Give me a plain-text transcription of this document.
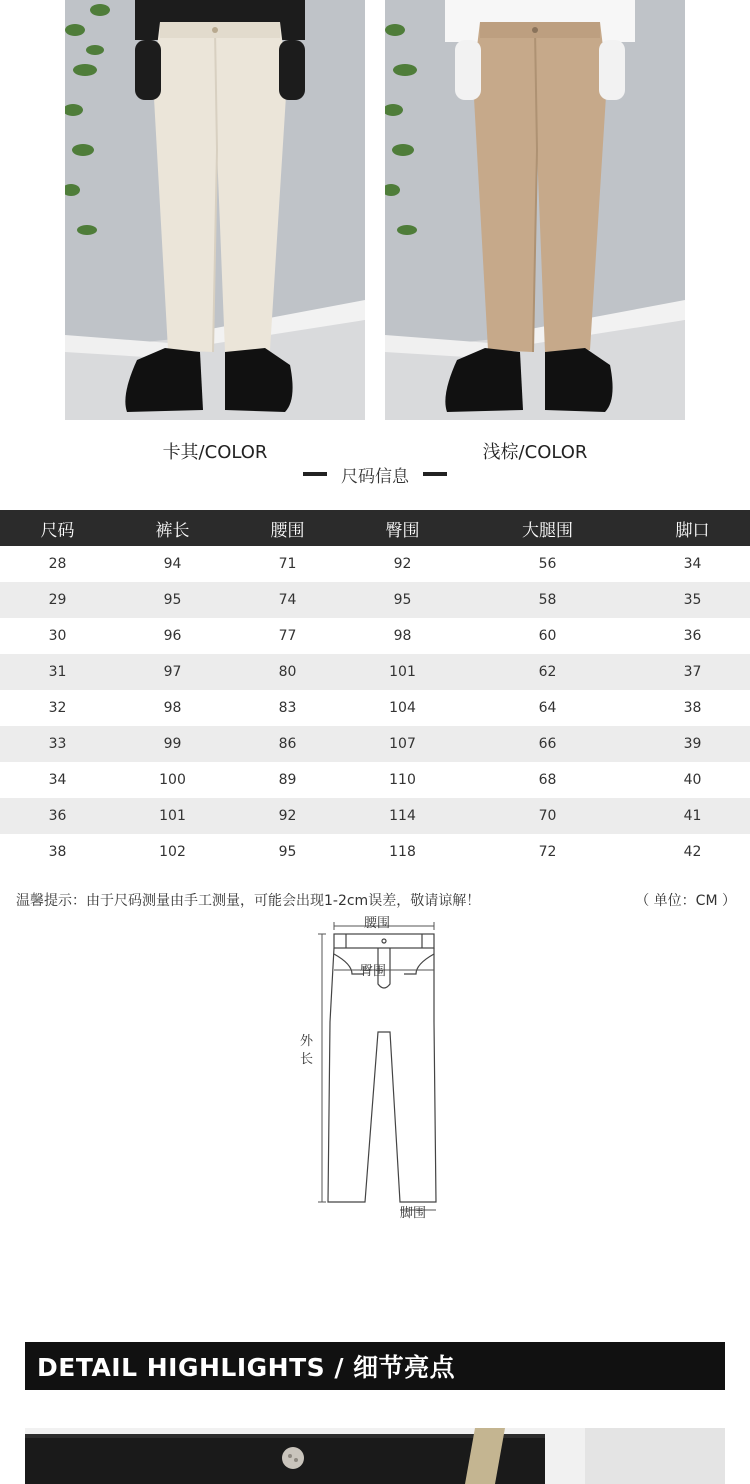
卡其/COLOR	浅棕/COLOR
尺码信息
尺码	裤长	腰围	臀围	大腿围	脚口
28	94	71	92	56	34
29	95	74	95	58	35
30	96	77	98	60	36
31	97	80	101	62	37
32	98	83	104	64	38
33	99	86	107	66	39
34	100	89	110	68	40
36	101	92	114	70	41
38	102	95	118	72	42
温馨提示：由于尺码测量由手工测量，可能会出现1-2cm误差，敬请谅解！	（ 单位：CM ）
腰围
臀围
外
长
脚围
DETAIL HIGHLIGHTS / 细节亮点
